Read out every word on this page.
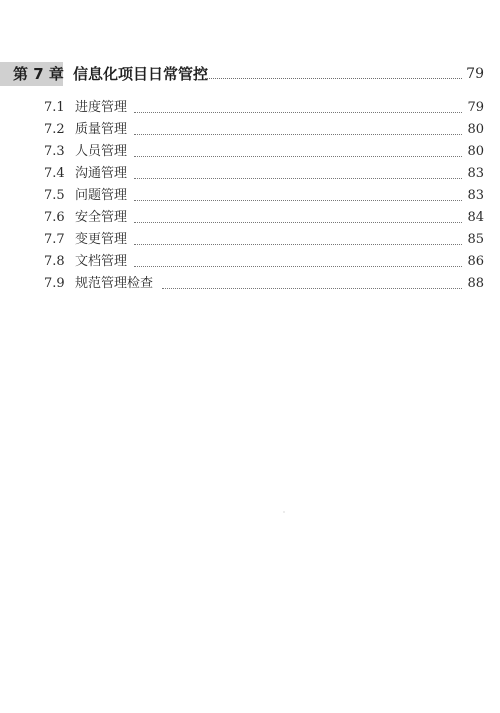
第 7 章 信息化项目日常管控	79
7.1 进度管理	79
7.2 质量管理	80
7.3 人员管理	80
7.4 沟通管理	83
7.5 问题管理	83
7.6 安全管理	84
7.7 变更管理	85
7.8 文档管理	86
7.9 规范管理检查	88
